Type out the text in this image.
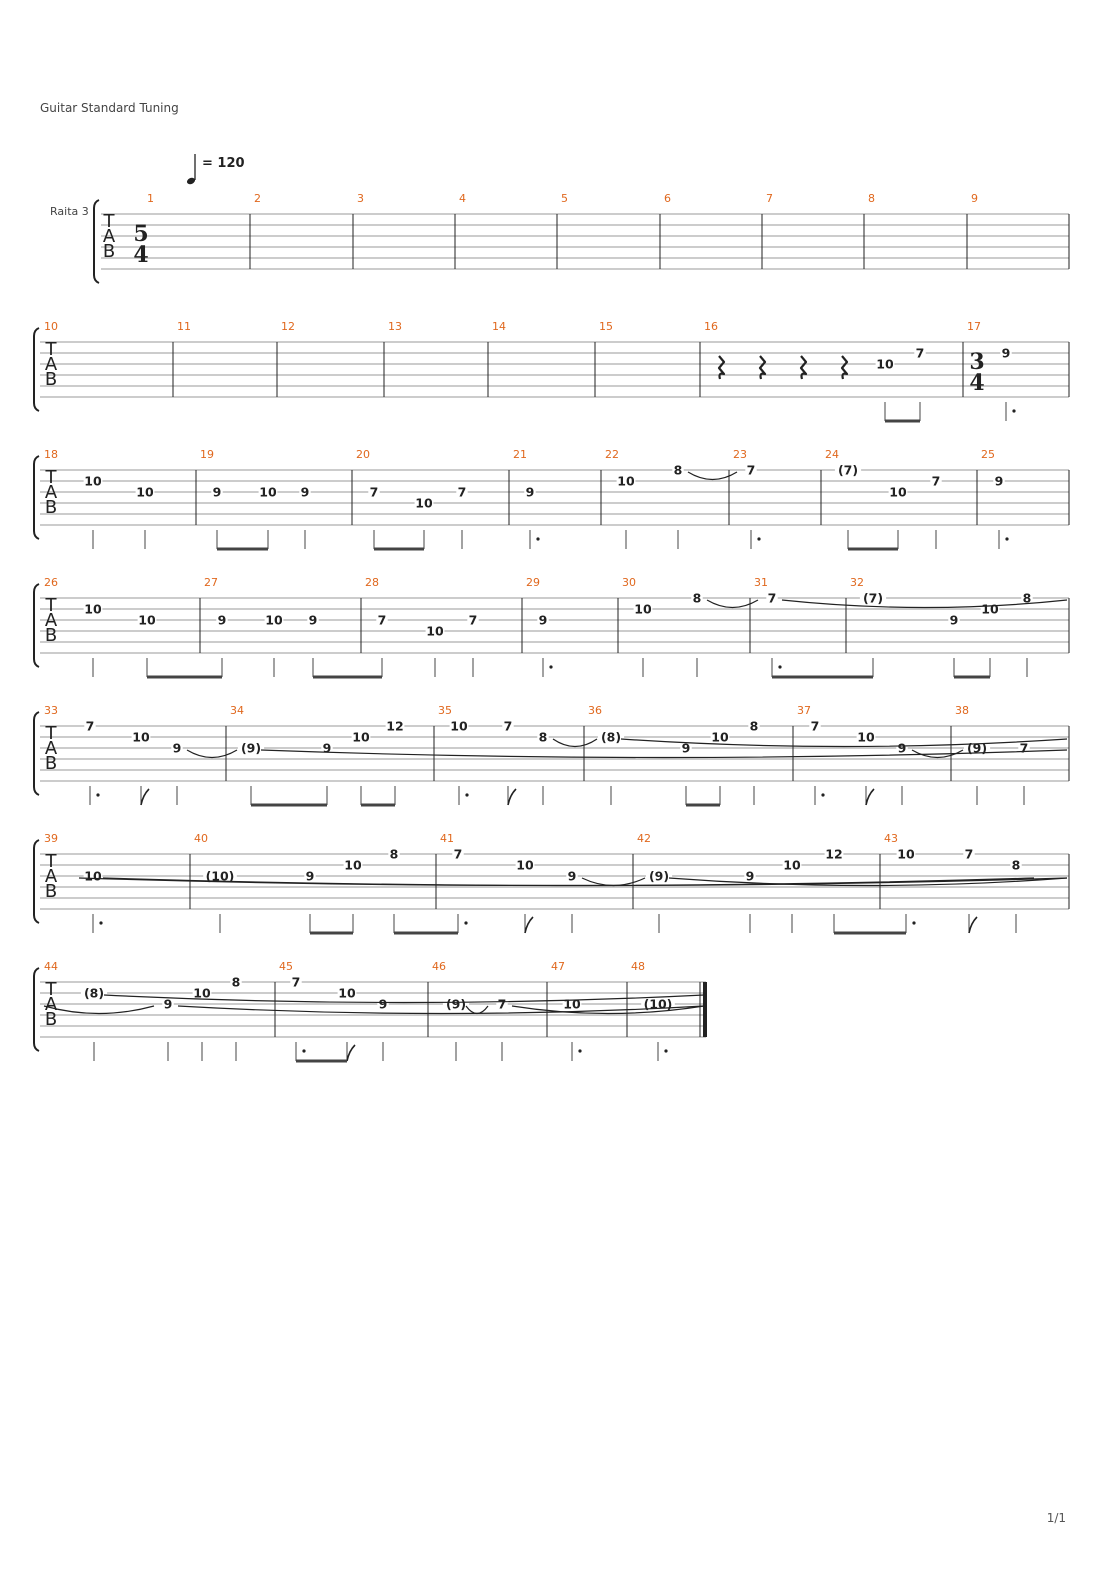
Guitar Standard Tuning
= 120
Raita 3 T
A
B
1	2	3	4	5	6	7	8	9
T
A
B
10	11	12	13	14	15	16	17
T
A
B
18	19	20	21	22	23	24	25
T
A
B
26	27	28	29	30	31	32
T
A
B
33	34	35	36	37	38
T
A
B
39	40	41	42	43
T
A
B
44	45	46	47	48
5
4
3
4
10
7	9
10
10	9	10 9	7
10
7	9
10
8	7	(7)
10
7	9
10
10	9	10 9	7
10
7	9
10
8	7	(7)
9
10
8
7
10
9	(9)	9
10
12	10	7
8	(8)
9
10
8	7
10
9	(9)	7
10	(10)	9
10
8	7
10
9	(9)	9
10
12	10	7
8
(8)
9
10
8	7
10
9	(9)	7	10	(10)
1/1
